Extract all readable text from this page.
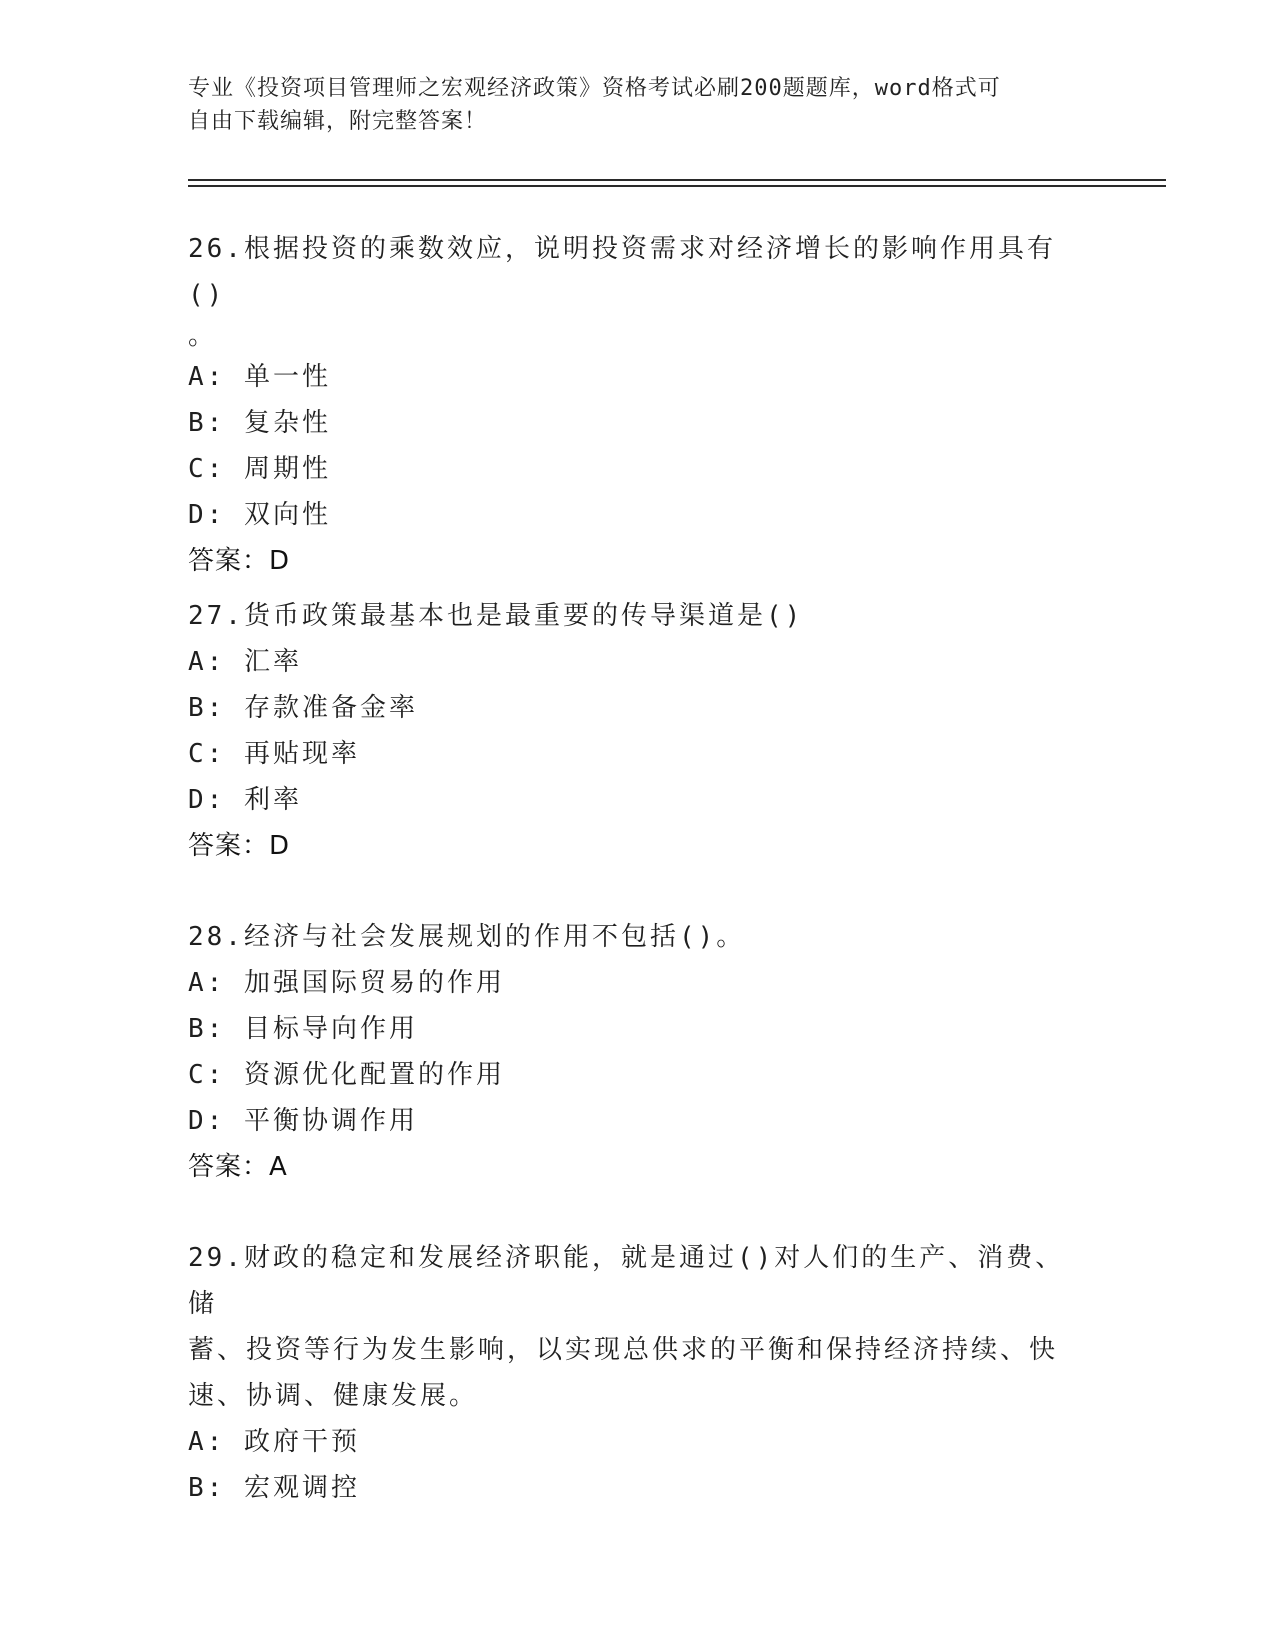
专业《投资项目管理师之宏观经济政策》资格考试必刷200题题库，word格式可

自由下载编辑，附完整答案！

26.根据投资的乘数效应，说明投资需求对经济增长的影响作用具有()

。

A: 单一性

B: 复杂性

C: 周期性

D: 双向性

答案：D

27.货币政策最基本也是最重要的传导渠道是()

A: 汇率

B: 存款准备金率

C: 再贴现率

D: 利率

答案：D

28.经济与社会发展规划的作用不包括()。

A: 加强国际贸易的作用

B: 目标导向作用

C: 资源优化配置的作用

D: 平衡协调作用

答案：A

29.财政的稳定和发展经济职能，就是通过()对人们的生产、消费、储

蓄、投资等行为发生影响，以实现总供求的平衡和保持经济持续、快

速、协调、健康发展。

A: 政府干预

B: 宏观调控
